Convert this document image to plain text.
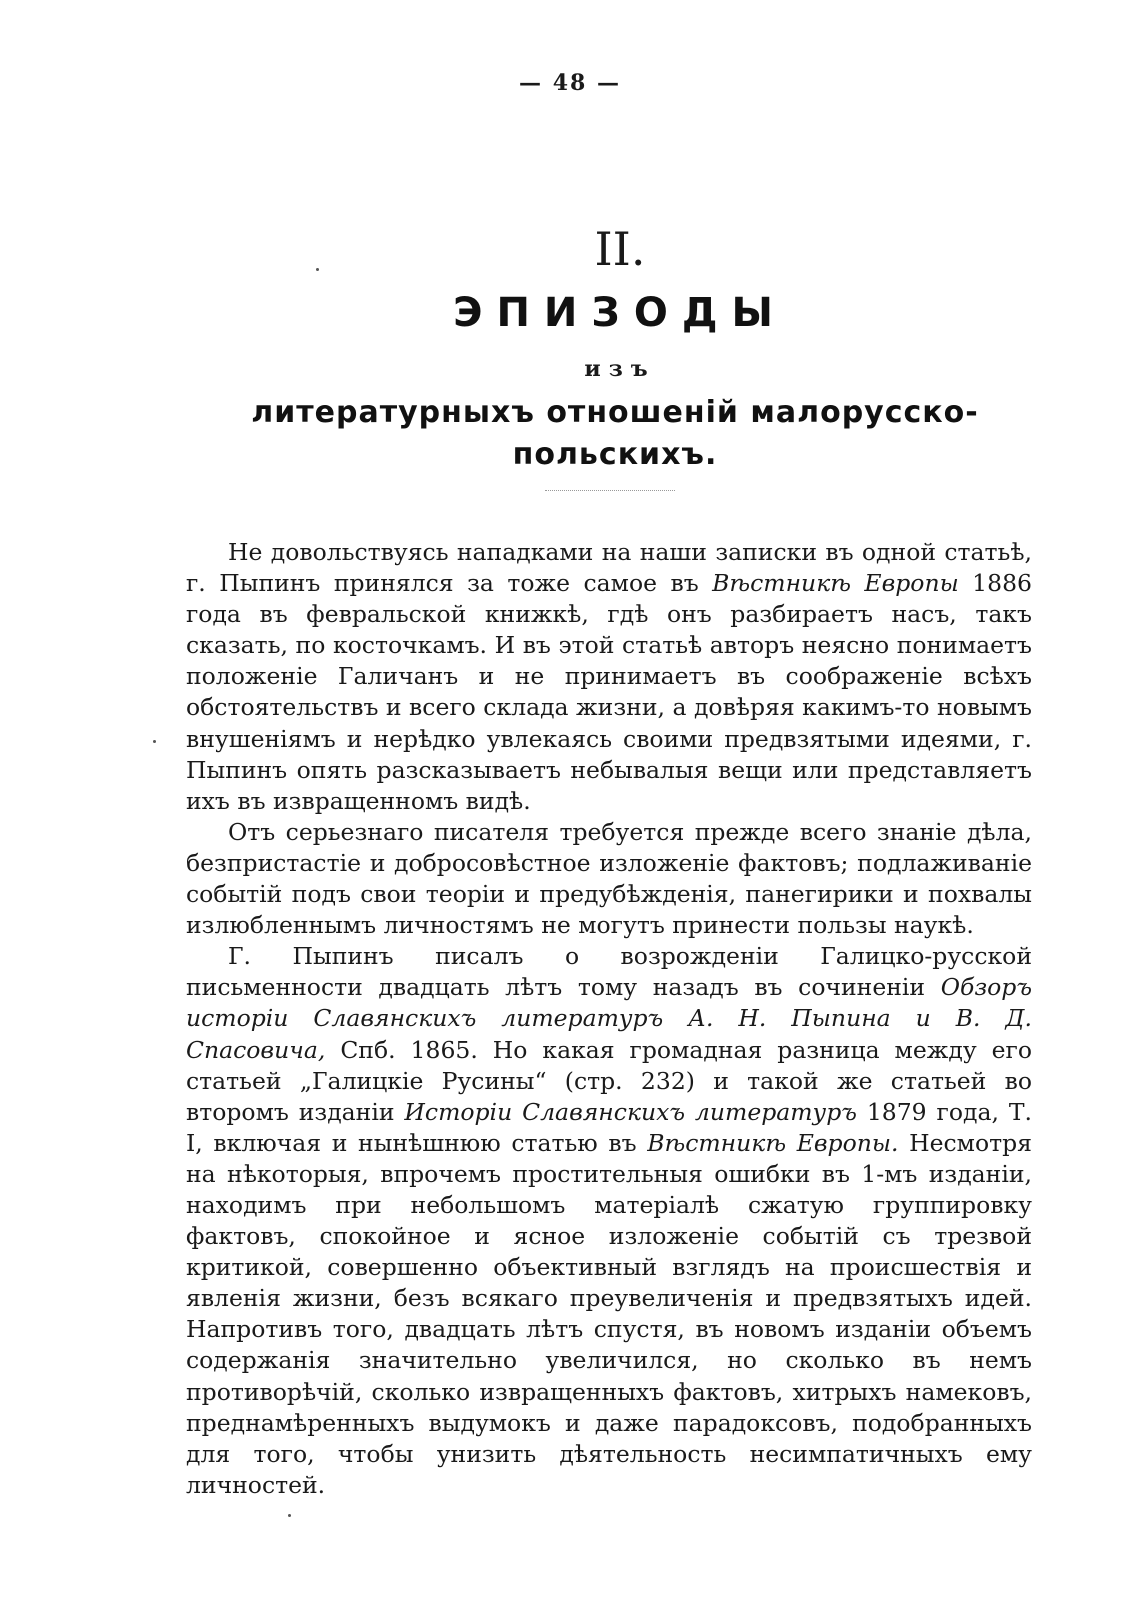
— 48 —
II.
ЭПИЗОДЫ
изъ
литературныхъ отношеній малорусско-польскихъ.

Не довольствуясь нападками на наши записки въ одной статьѣ, г. Пыпинъ принялся за тоже самое въ Вѣстникѣ Европы 1886 года въ февральской книжкѣ, гдѣ онъ разбираетъ насъ, такъ сказать, по косточкамъ. И въ этой статьѣ авторъ неясно понимаетъ положеніе Галичанъ и не принимаетъ въ соображеніе всѣхъ обстоятельствъ и всего склада жизни, а довѣряя какимъ-то новымъ внушеніямъ и нерѣдко увлекаясь своими предвзятыми идеями, г. Пыпинъ опять разсказываетъ небывалыя вещи или представляетъ ихъ въ извращенномъ видѣ.

Отъ серьезнаго писателя требуется прежде всего знаніе дѣла, безпристастіе и добросовѣстное изложеніе фактовъ; подлаживаніе событій подъ свои теоріи и предубѣжденія, панегирики и похвалы излюбленнымъ личностямъ не могутъ принести пользы наукѣ.

Г. Пыпинъ писалъ о возрожденіи Галицко-русской письменности двадцать лѣтъ тому назадъ въ сочиненіи Обзоръ исторіи Славянскихъ литературъ А. Н. Пыпина и В. Д. Спасовича, Спб. 1865. Но какая громадная разница между его статьей „Галицкіе Русины“ (стр. 232) и такой же статьей во второмъ изданіи Исторіи Славянскихъ литературъ 1879 года, Т. I, включая и нынѣшнюю статью въ Вѣстникѣ Европы. Несмотря на нѣкоторыя, впрочемъ простительныя ошибки въ 1-мъ изданіи, находимъ при небольшомъ матеріалѣ сжатую группировку фактовъ, спокойное и ясное изложеніе событій съ трезвой критикой, совершенно объективный взглядъ на происшествія и явленія жизни, безъ всякаго преувеличенія и предвзятыхъ идей. Напротивъ того, двадцать лѣтъ спустя, въ новомъ изданіи объемъ содержанія значительно увеличился, но сколько въ немъ противорѣчій, сколько извращенныхъ фактовъ, хитрыхъ намековъ, преднамѣренныхъ выдумокъ и даже парадоксовъ, подобранныхъ для того, чтобы унизить дѣятельность несимпатичныхъ ему личностей.
